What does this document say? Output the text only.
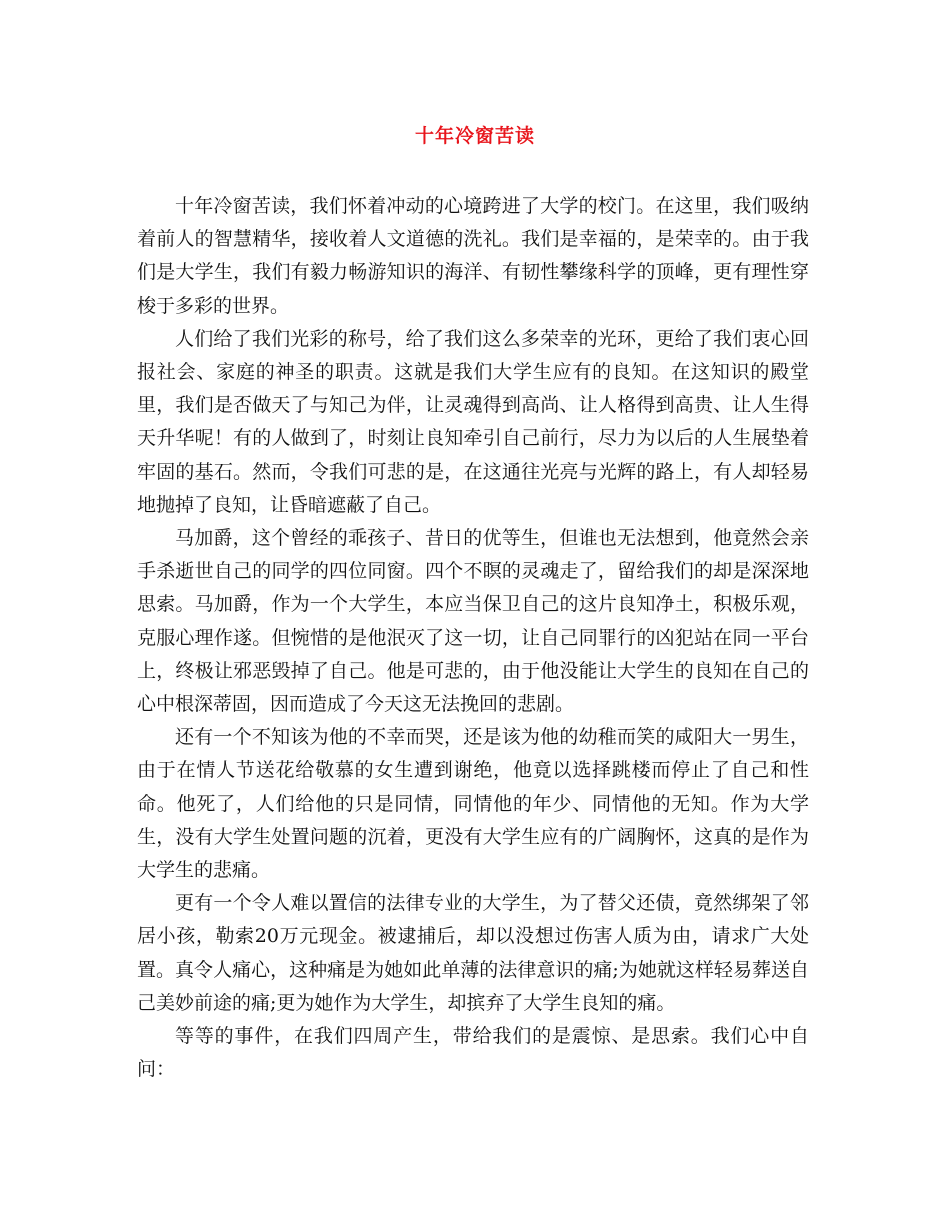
十年冷窗苦读

十年冷窗苦读，我们怀着冲动的心境跨进了大学的校门。在这里，我们吸纳着前人的智慧精华，接收着人文道德的洗礼。我们是幸福的，是荣幸的。由于我们是大学生，我们有毅力畅游知识的海洋、有韧性攀缘科学的顶峰，更有理性穿梭于多彩的世界。

人们给了我们光彩的称号，给了我们这么多荣幸的光环，更给了我们衷心回报社会、家庭的神圣的职责。这就是我们大学生应有的良知。在这知识的殿堂里，我们是否做天了与知己为伴，让灵魂得到高尚、让人格得到高贵、让人生得天升华呢！有的人做到了，时刻让良知牵引自己前行，尽力为以后的人生展垫着牢固的基石。然而，令我们可悲的是，在这通往光亮与光辉的路上，有人却轻易地抛掉了良知，让昏暗遮蔽了自己。

马加爵，这个曾经的乖孩子、昔日的优等生，但谁也无法想到，他竟然会亲手杀逝世自己的同学的四位同窗。四个不瞑的灵魂走了，留给我们的却是深深地思索。马加爵，作为一个大学生，本应当保卫自己的这片良知净土，积极乐观，克服心理作遂。但惋惜的是他泯灭了这一切，让自己同罪行的凶犯站在同一平台上，终极让邪恶毁掉了自己。他是可悲的，由于他没能让大学生的良知在自己的心中根深蒂固，因而造成了今天这无法挽回的悲剧。

还有一个不知该为他的不幸而哭，还是该为他的幼稚而笑的咸阳大一男生，由于在情人节送花给敬慕的女生遭到谢绝，他竟以选择跳楼而停止了自己和性命。他死了，人们给他的只是同情，同情他的年少、同情他的无知。作为大学生，没有大学生处置问题的沉着，更没有大学生应有的广阔胸怀，这真的是作为大学生的悲痛。

更有一个令人难以置信的法律专业的大学生，为了替父还债，竟然绑架了邻居小孩，勒索20万元现金。被逮捕后，却以没想过伤害人质为由，请求广大处置。真令人痛心，这种痛是为她如此单薄的法律意识的痛;为她就这样轻易葬送自己美妙前途的痛;更为她作为大学生，却摈弃了大学生良知的痛。

等等的事件，在我们四周产生，带给我们的是震惊、是思索。我们心中自问：
